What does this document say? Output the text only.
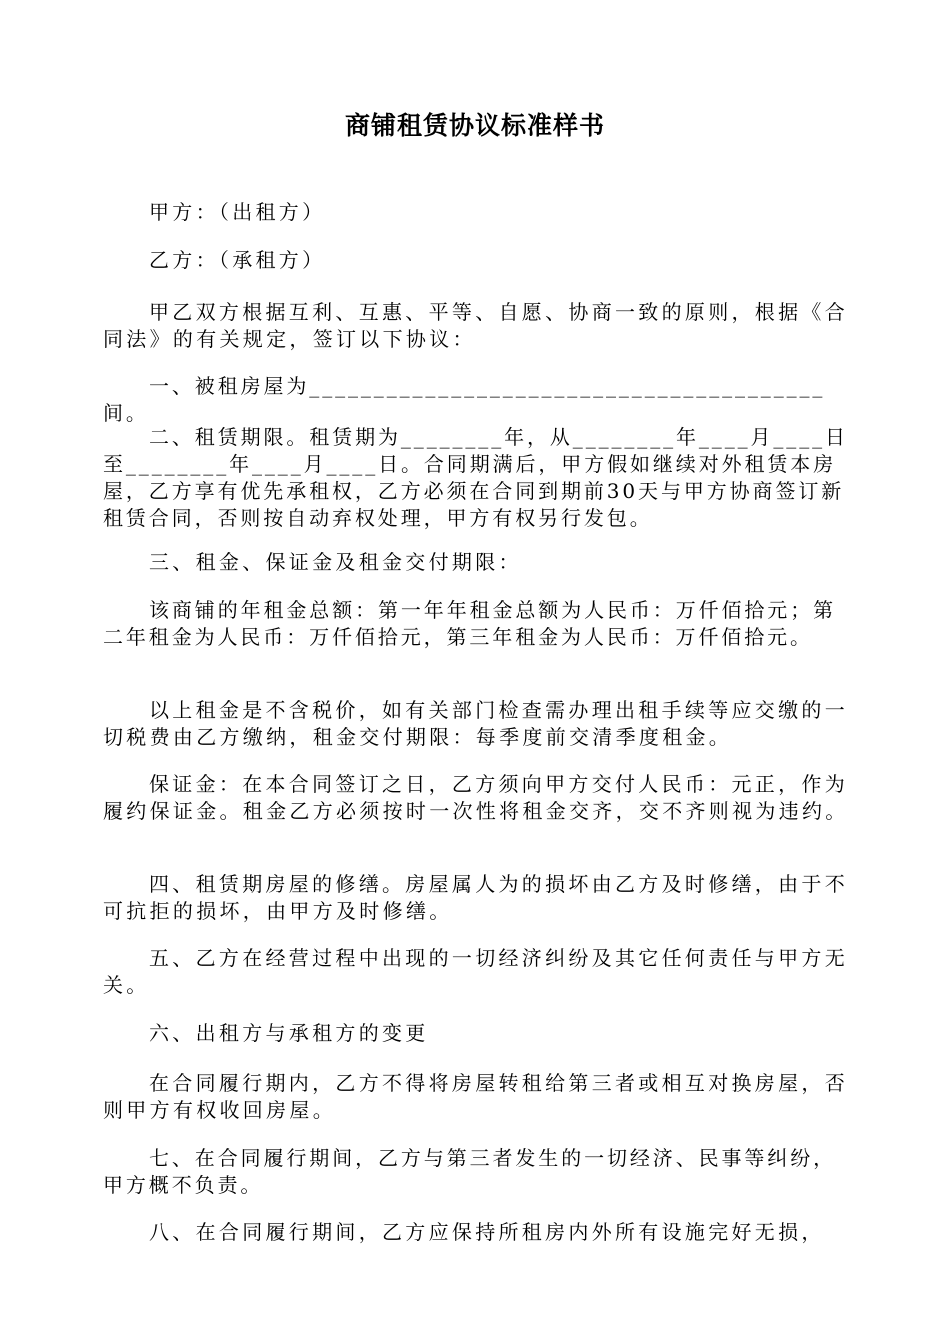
商铺租赁协议标准样书

甲方：（出租方）

乙方：（承租方）

甲乙双方根据互利、互惠、平等、自愿、协商一致的原则，根据《合同法》的有关规定，签订以下协议：

一、被租房屋为________________________________________间。

二、租赁期限。租赁期为________年，从________年____月____日至________年____月____日。合同期满后，甲方假如继续对外租赁本房屋，乙方享有优先承租权，乙方必须在合同到期前30天与甲方协商签订新租赁合同，否则按自动弃权处理，甲方有权另行发包。

三、租金、保证金及租金交付期限：

该商铺的年租金总额：第一年年租金总额为人民币：万仟佰拾元；第二年租金为人民币：万仟佰拾元，第三年租金为人民币：万仟佰拾元。

以上租金是不含税价，如有关部门检查需办理出租手续等应交缴的一切税费由乙方缴纳，租金交付期限：每季度前交清季度租金。

保证金：在本合同签订之日，乙方须向甲方交付人民币：元正，作为履约保证金。租金乙方必须按时一次性将租金交齐，交不齐则视为违约。

四、租赁期房屋的修缮。房屋属人为的损坏由乙方及时修缮，由于不可抗拒的损坏，由甲方及时修缮。

五、乙方在经营过程中出现的一切经济纠纷及其它任何责任与甲方无关。

六、出租方与承租方的变更

在合同履行期内，乙方不得将房屋转租给第三者或相互对换房屋，否则甲方有权收回房屋。

七、在合同履行期间，乙方与第三者发生的一切经济、民事等纠纷，甲方概不负责。

八、在合同履行期间，乙方应保持所租房内外所有设施完好无损，
